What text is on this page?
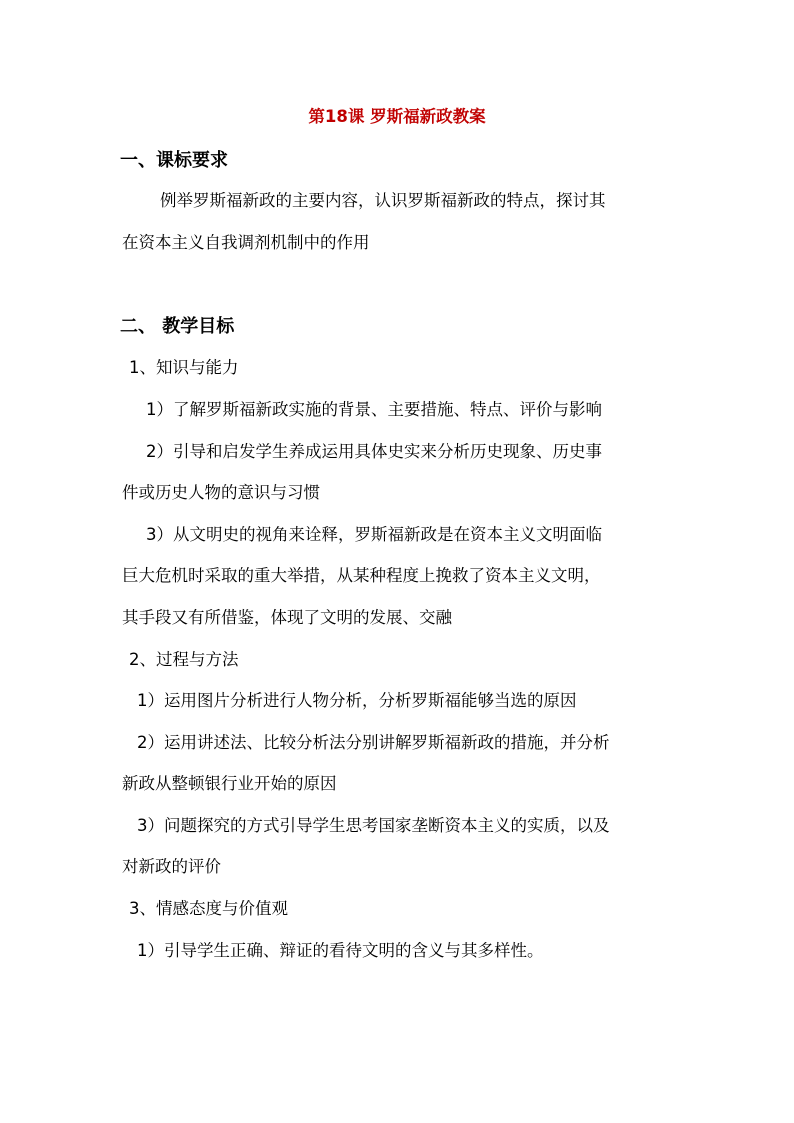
第18课 罗斯福新政教案
一、课标要求
例举罗斯福新政的主要内容，认识罗斯福新政的特点，探讨其
在资本主义自我调剂机制中的作用
二、 教学目标
1、知识与能力
1）了解罗斯福新政实施的背景、主要措施、特点、评价与影响
2）引导和启发学生养成运用具体史实来分析历史现象、历史事
件或历史人物的意识与习惯
3）从文明史的视角来诠释，罗斯福新政是在资本主义文明面临
巨大危机时采取的重大举措，从某种程度上挽救了资本主义文明，
其手段又有所借鉴，体现了文明的发展、交融
2、过程与方法
1）运用图片分析进行人物分析，分析罗斯福能够当选的原因
2）运用讲述法、比较分析法分别讲解罗斯福新政的措施，并分析
新政从整顿银行业开始的原因
3）问题探究的方式引导学生思考国家垄断资本主义的实质，以及
对新政的评价
3、情感态度与价值观
1）引导学生正确、辩证的看待文明的含义与其多样性。
